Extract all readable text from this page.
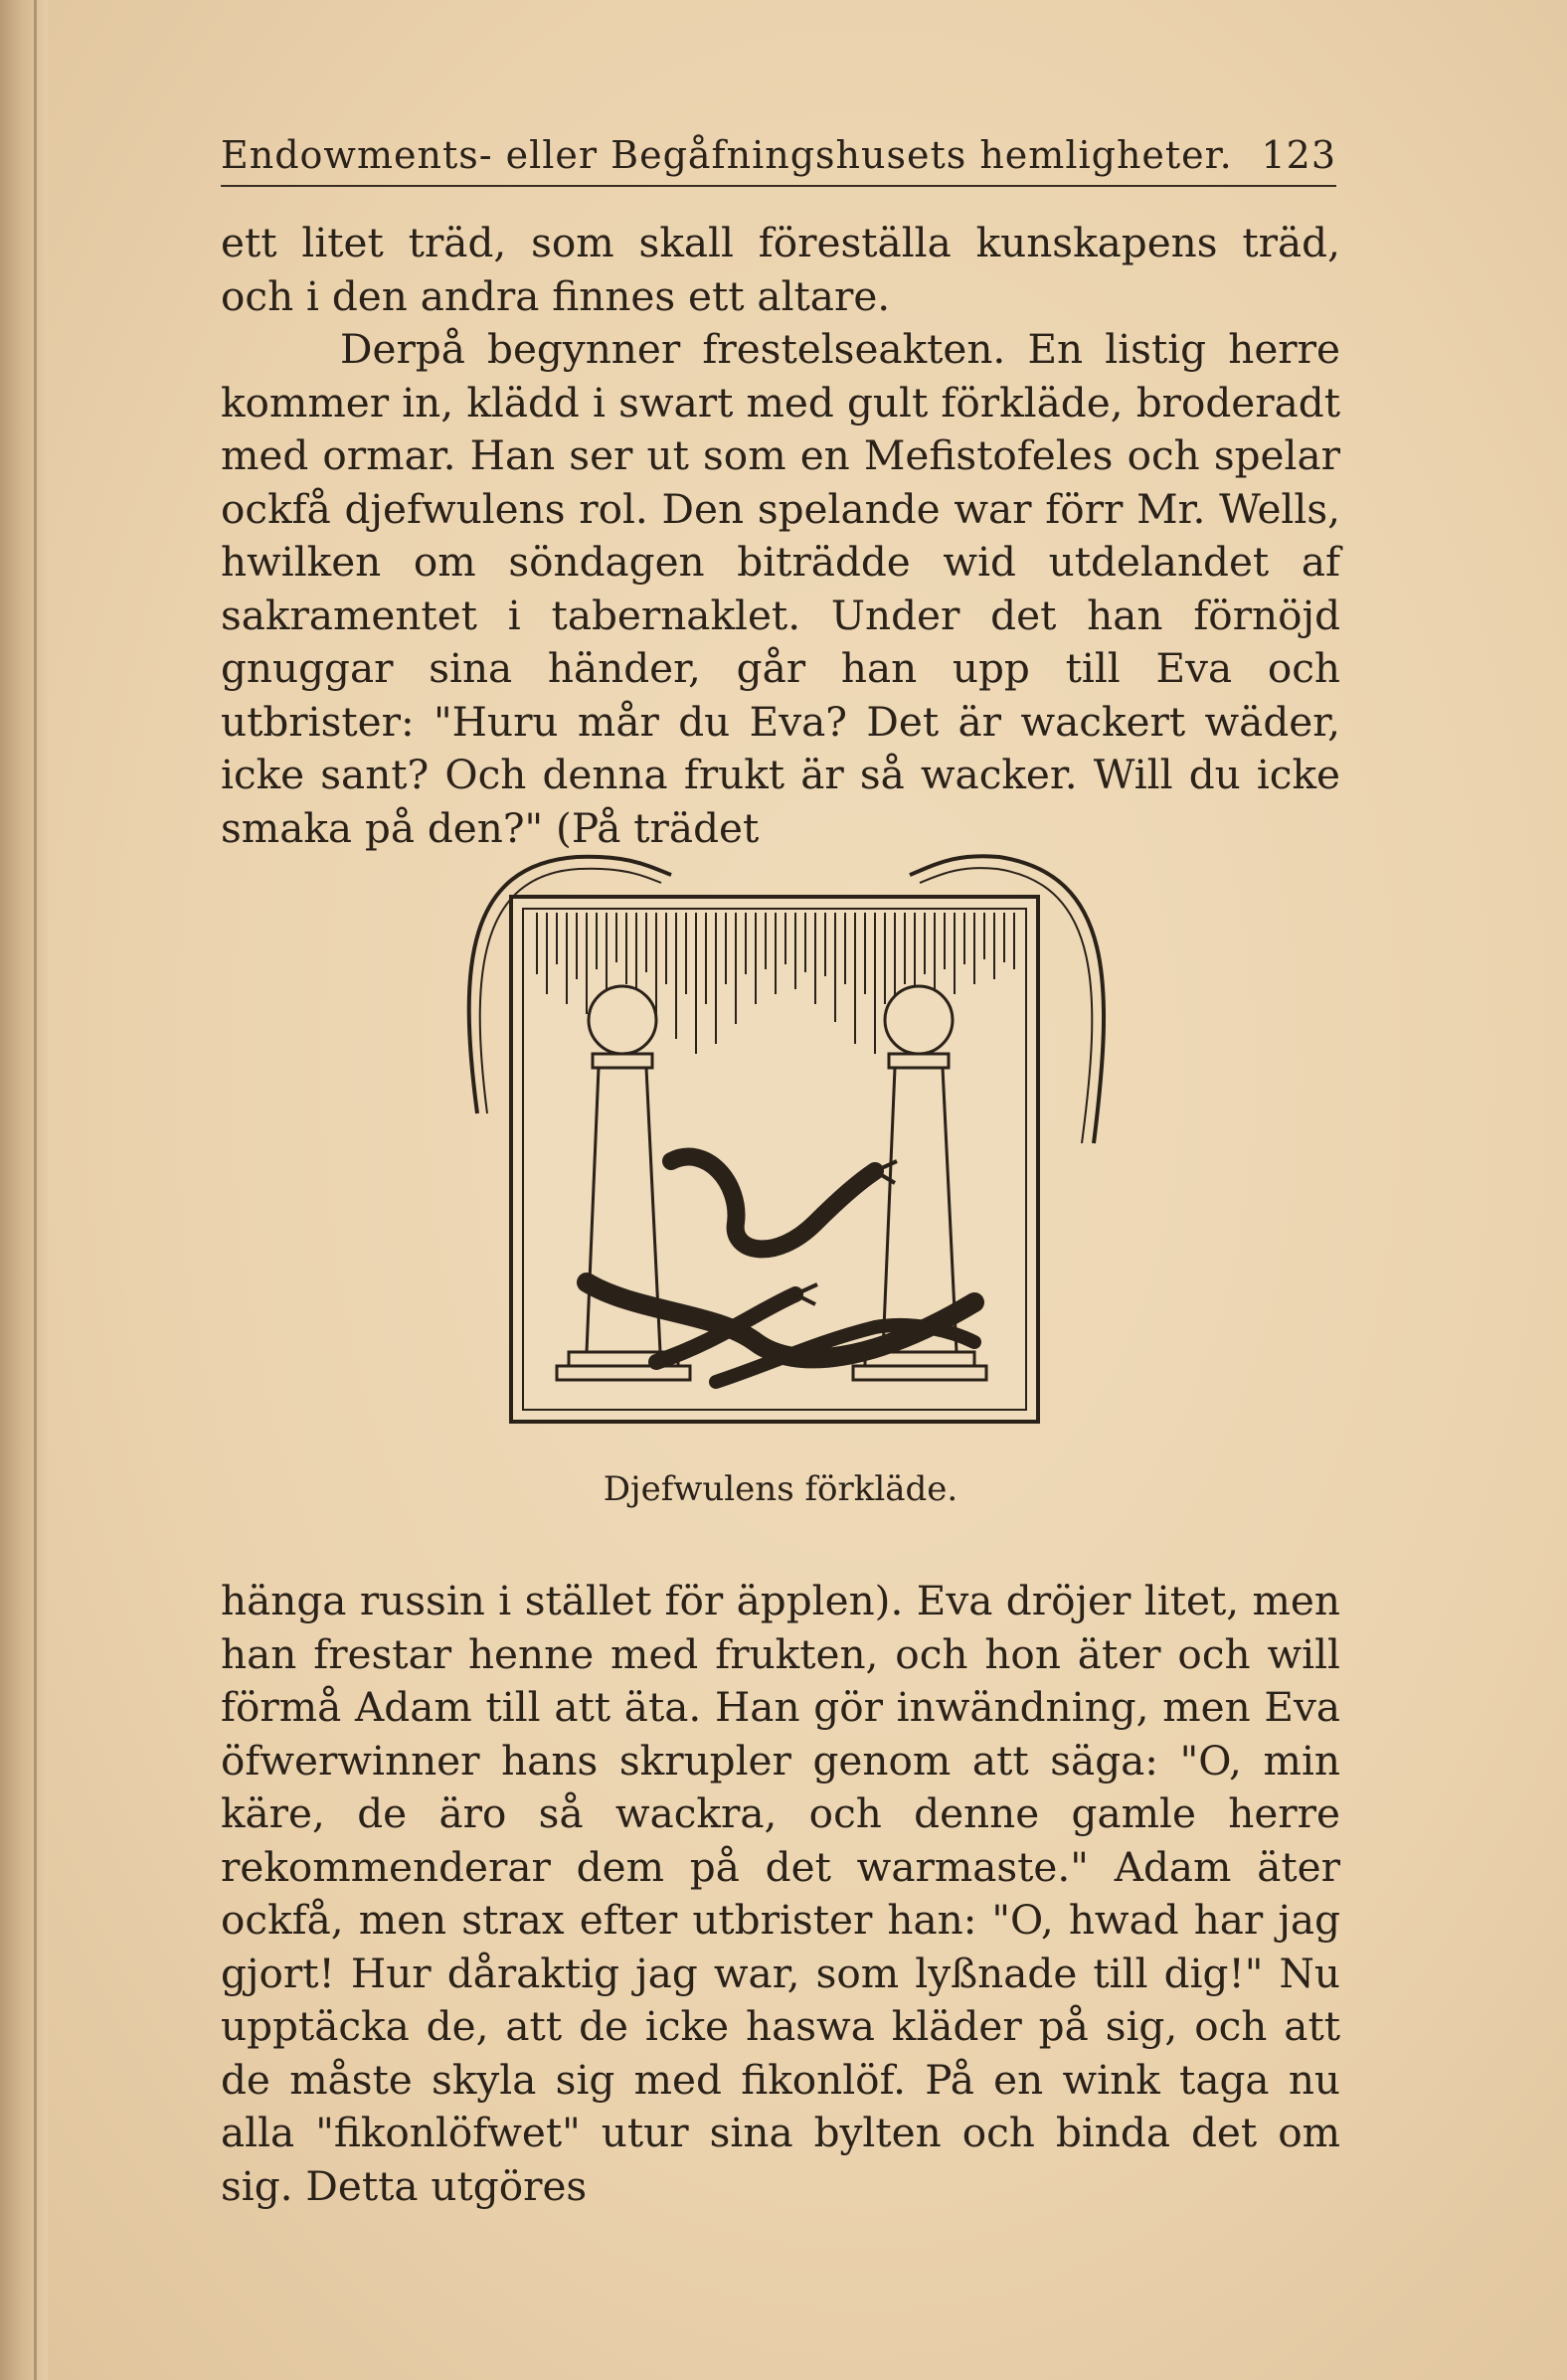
Endowments- eller Begåfningshusets hemligheter. 123

ett litet träd, som skall föreställa kunskapens träd, och i den andra finnes ett altare.

Derpå begynner frestelseakten. En listig herre kommer in, klädd i swart med gult förkläde, broderadt med ormar. Han ser ut som en Mefistofeles och spelar ockfå djefwulens rol. Den spelande war förr Mr. Wells, hwilken om söndagen biträdde wid utdelandet af sakramentet i tabernaklet. Under det han förnöjd gnuggar sina händer, går han upp till Eva och utbrister: "Huru mår du Eva? Det är wackert wäder, icke sant? Och denna frukt är så wacker. Will du icke smaka på den?" (På trädet

Djefwulens förkläde.

hänga russin i stället för äpplen). Eva dröjer litet, men han frestar henne med frukten, och hon äter och will förmå Adam till att äta. Han gör inwändning, men Eva öfwerwinner hans skrupler genom att säga: "O, min käre, de äro så wackra, och denne gamle herre rekommenderar dem på det warmaste." Adam äter ockfå, men strax efter utbrister han: "O, hwad har jag gjort! Hur dåraktig jag war, som lyßnade till dig!" Nu upptäcka de, att de icke haswa kläder på sig, och att de måste skyla sig med fikonlöf. På en wink taga nu alla "fikonlöfwet" utur sina bylten och binda det om sig. Detta utgöres
